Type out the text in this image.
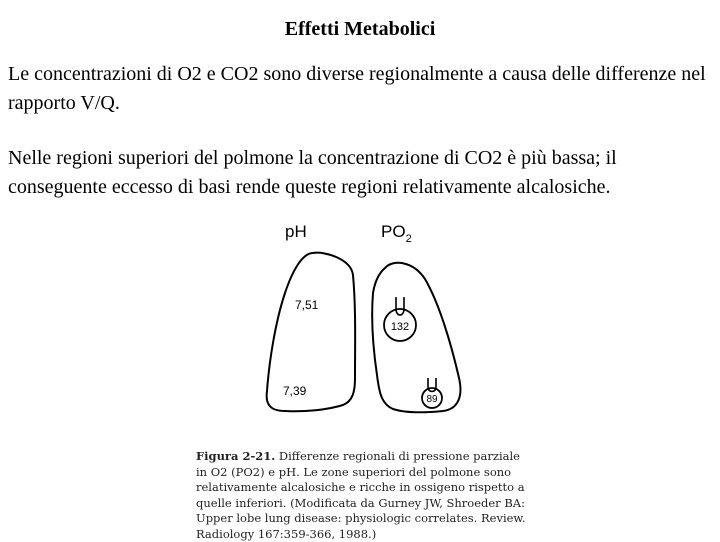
Effetti Metabolici

Le concentrazioni di O2 e CO2 sono diverse regionalmente a causa delle differenze nel rapporto V/Q.

Nelle regioni superiori del polmone la concentrazione di CO2 è più bassa; il conseguente eccesso di basi rende queste regioni relativamente alcalosiche.

pH	$PO_2$
7,51
7,39
132
89
Figura 2-21. Differenze regionali di pressione parziale in O2 (PO2) e pH. Le zone superiori del polmone sono relativamente alcalosiche e ricche in ossigeno rispetto a quelle inferiori. (Modificata da Gurney JW, Shroeder BA: Upper lobe lung disease: physiologic correlates. Review. Radiology 167:359-366, 1988.)
